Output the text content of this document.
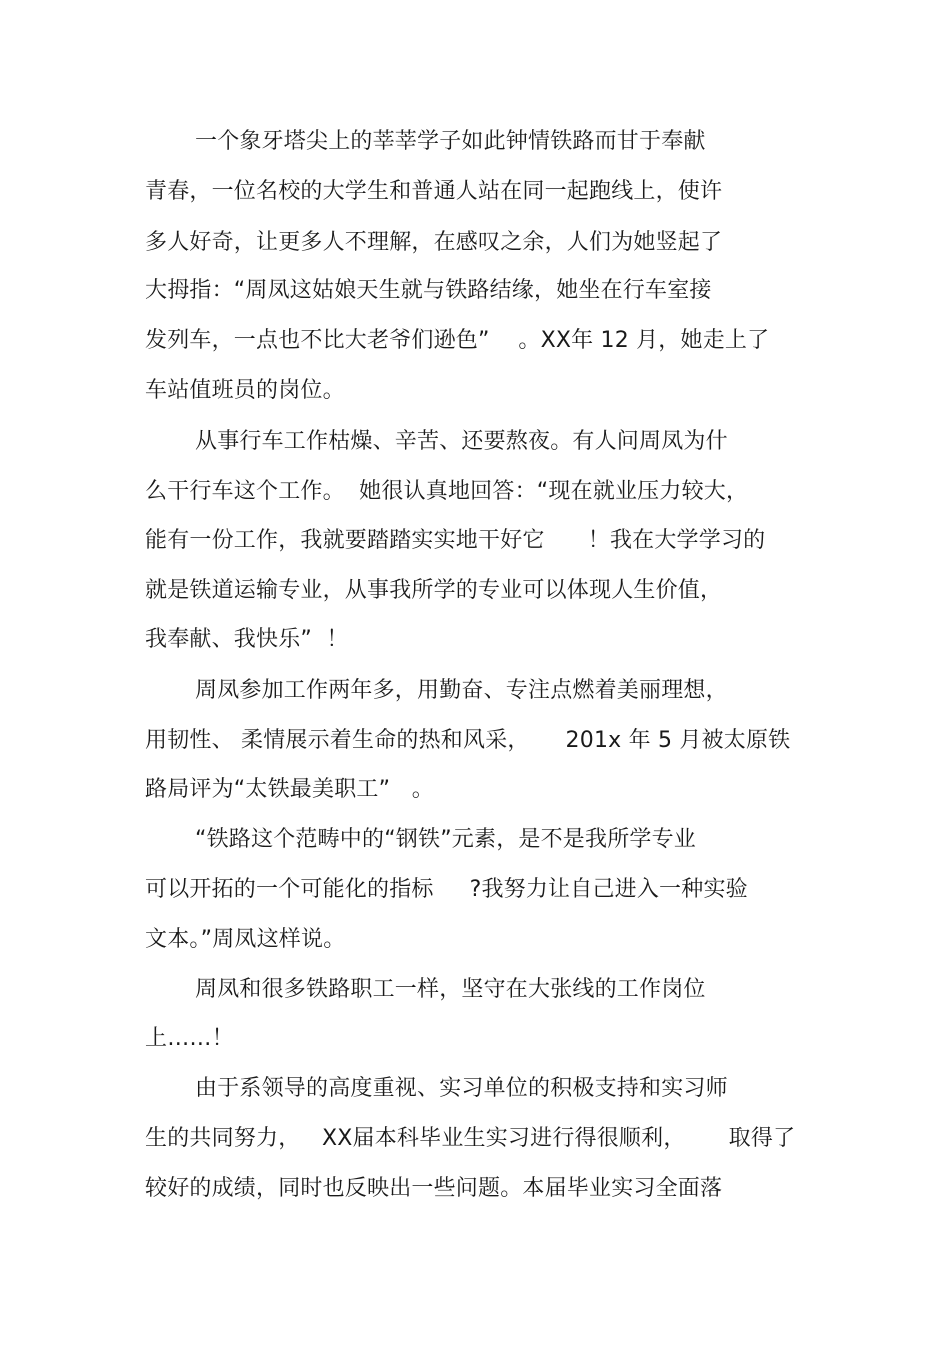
一个象牙塔尖上的莘莘学子如此钟情铁路而甘于奉献
青春，一位名校的大学生和普通人站在同一起跑线上，使许
多人好奇，让更多人不理解，在感叹之余，人们为她竖起了
大拇指：“周凤这姑娘天生就与铁路结缘，她坐在行车室接
发列车，一点也不比大老爷们逊色”    。XX年 12 月，她走上了
车站值班员的岗位。
从事行车工作枯燥、辛苦、还要熬夜。有人问周凤为什
么干行车这个工作。  她很认真地回答：“现在就业压力较大，
能有一份工作，我就要踏踏实实地干好它      ！我在大学学习的
就是铁道运输专业，从事我所学的专业可以体现人生价值，
我奉献、我快乐”  ！
周凤参加工作两年多，用勤奋、专注点燃着美丽理想，
用韧性、 柔情展示着生命的热和风采，     201x 年 5 月被太原铁
路局评为“太铁最美职工”   。
“铁路这个范畴中的“钢铁”元素，是不是我所学专业
可以开拓的一个可能化的指标     ?我努力让自己进入一种实验
文本。”周凤这样说。
周凤和很多铁路职工一样，坚守在大张线的工作岗位
上……！
由于系领导的高度重视、实习单位的积极支持和实习师
生的共同努力，   XX届本科毕业生实习进行得很顺利，      取得了
较好的成绩，同时也反映出一些问题。本届毕业实习全面落
